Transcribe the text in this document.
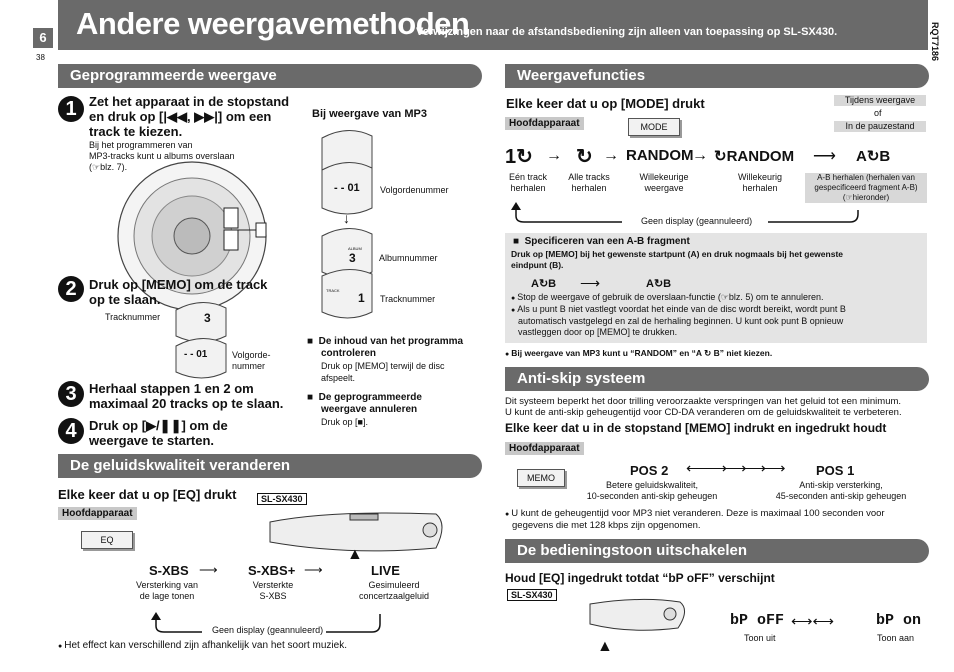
Andere weergavemethoden
Verwijzingen naar de afstandsbediening zijn alleen van toepassing op SL-SX430.
6
38	RQT7186
Geprogrammeerde weergave
1 Zet het apparaat in de stopstand
en druk op [|◀◀, ▶▶|] om een
track te kiezen.
Bij het programmeren van
MP3-tracks kunt u albums overslaan
(☞blz. 7).
Bij weergave van MP3
- - 01 Volgordenummer
↓
ALBUM
3	Albumnummer
TRACK
1 Tracknummer
2 Druk op [MEMO] om de track
op te slaan.
Tracknummer	3
- - 01	Volgorde-
nummer
3 Herhaal stappen 1 en 2 om
maximaal 20 tracks op te slaan.
4 Druk op [▶/❚❚] om de
weergave te starten.
■  De inhoud van het programma
controleren
Druk op [MEMO] terwijl de disc
afspeelt.
■  De geprogrammeerde
weergave annuleren
Druk op [■].
De geluidskwaliteit veranderen
Elke keer dat u op [EQ] drukt	SL-SX430
Hoofdapparaat
EQ
▲
S-XBS ⟶ S-XBS+ ⟶	LIVE
Versterking van
de lage tonen
Versterkte
S-XBS
Gesimuleerd
concertzaalgeluid
Geen display (geannuleerd)
● Het effect kan verschillend zijn afhankelijk van het soort muziek.
Weergavefuncties
Elke keer dat u op [MODE] drukt
Hoofdapparaat	MODE
Tijdens weergave
of
In de pauzestand
1↻ → ↻ → RANDOM
→ ↻RANDOM ⟶ A↻B
Eén track
herhalen
Alle tracks
herhalen
Willekeurige
weergave
Willekeurig
herhalen
A-B herhalen (herhalen van
gespecificeerd fragment A-B)
(☞hieronder)
Geen display (geannuleerd)
■  Specificeren van een A-B fragment
Druk op [MEMO] bij het gewenste startpunt (A) en druk nogmaals bij het gewenste
eindpunt (B).
A↻B ⟶	A↻B
● Stop de weergave of gebruik de overslaan-functie (☞blz. 5) om te annuleren.
● Als u punt B niet vastlegt voordat het einde van de disc wordt bereikt, wordt punt B
automatisch vastgelegd en zal de herhaling beginnen. U kunt ook punt B opnieuw
vastleggen door op [MEMO] te drukken.
● Bij weergave van MP3 kunt u “RANDOM” en “A ↻ B” niet kiezen.
Anti-skip systeem
Dit systeem beperkt het door trilling veroorzaakte verspringen van het geluid tot een minimum.
U kunt de anti-skip geheugentijd voor CD-DA veranderen om de geluidskwaliteit te verbeteren.
Elke keer dat u in de stopstand [MEMO] indrukt en ingedrukt houdt
Hoofdapparaat
MEMO	POS 2 ⟵⟶⟶⟶⟶ POS 1
Betere geluidskwaliteit,
10-seconden anti-skip geheugen
Anti-skip versterking,
45-seconden anti-skip geheugen
● U kunt de geheugentijd voor MP3 niet veranderen. Deze is maximaal 100 seconden voor
gegevens die met 128 kbps zijn opgenomen.
De bedieningstoon uitschakelen
Houd [EQ] ingedrukt totdat “bP oFF” verschijnt
SL-SX430
▲
bP oFF ⟷⟷	bP on
Toon uit	Toon aan
